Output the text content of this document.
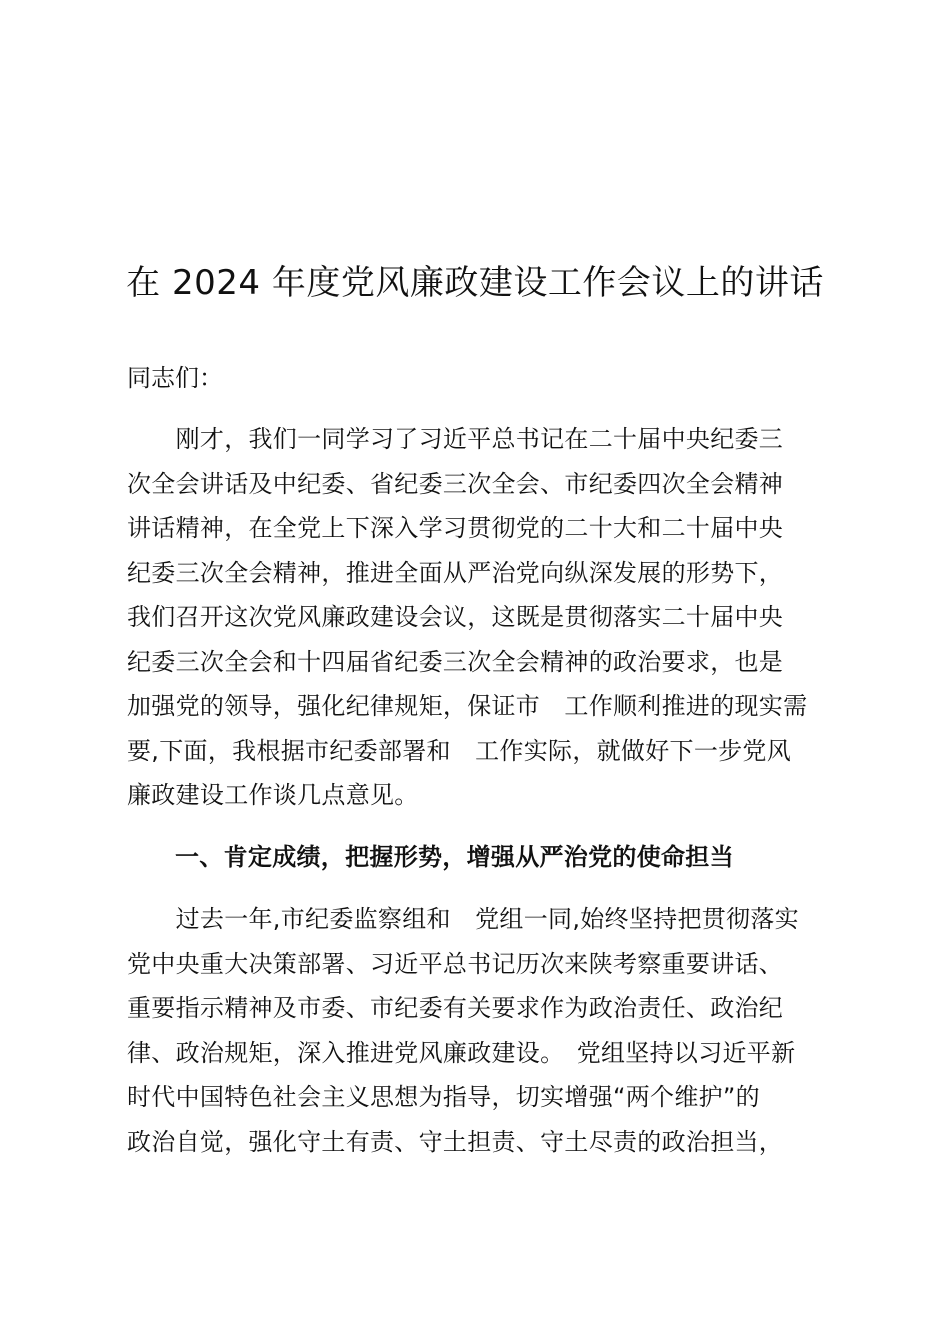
在 2024 年度党风廉政建设工作会议上的讲话

同志们：

　　刚才，我们一同学习了习近平总书记在二十届中央纪委三
次全会讲话及中纪委、省纪委三次全会、市纪委四次全会精神
讲话精神，在全党上下深入学习贯彻党的二十大和二十届中央
纪委三次全会精神，推进全面从严治党向纵深发展的形势下，
我们召开这次党风廉政建设会议，这既是贯彻落实二十届中央
纪委三次全会和十四届省纪委三次全会精神的政治要求，也是
加强党的领导，强化纪律规矩，保证市　工作顺利推进的现实需
要,下面，我根据市纪委部署和　工作实际，就做好下一步党风
廉政建设工作谈几点意见。

一、肯定成绩，把握形势，增强从严治党的使命担当

　　过去一年,市纪委监察组和　党组一同,始终坚持把贯彻落实
党中央重大决策部署、习近平总书记历次来陕考察重要讲话、
重要指示精神及市委、市纪委有关要求作为政治责任、政治纪
律、政治规矩，深入推进党风廉政建设。　党组坚持以习近平新
时代中国特色社会主义思想为指导，切实增强“两个维护”的
政治自觉，强化守土有责、守土担责、守土尽责的政治担当，
